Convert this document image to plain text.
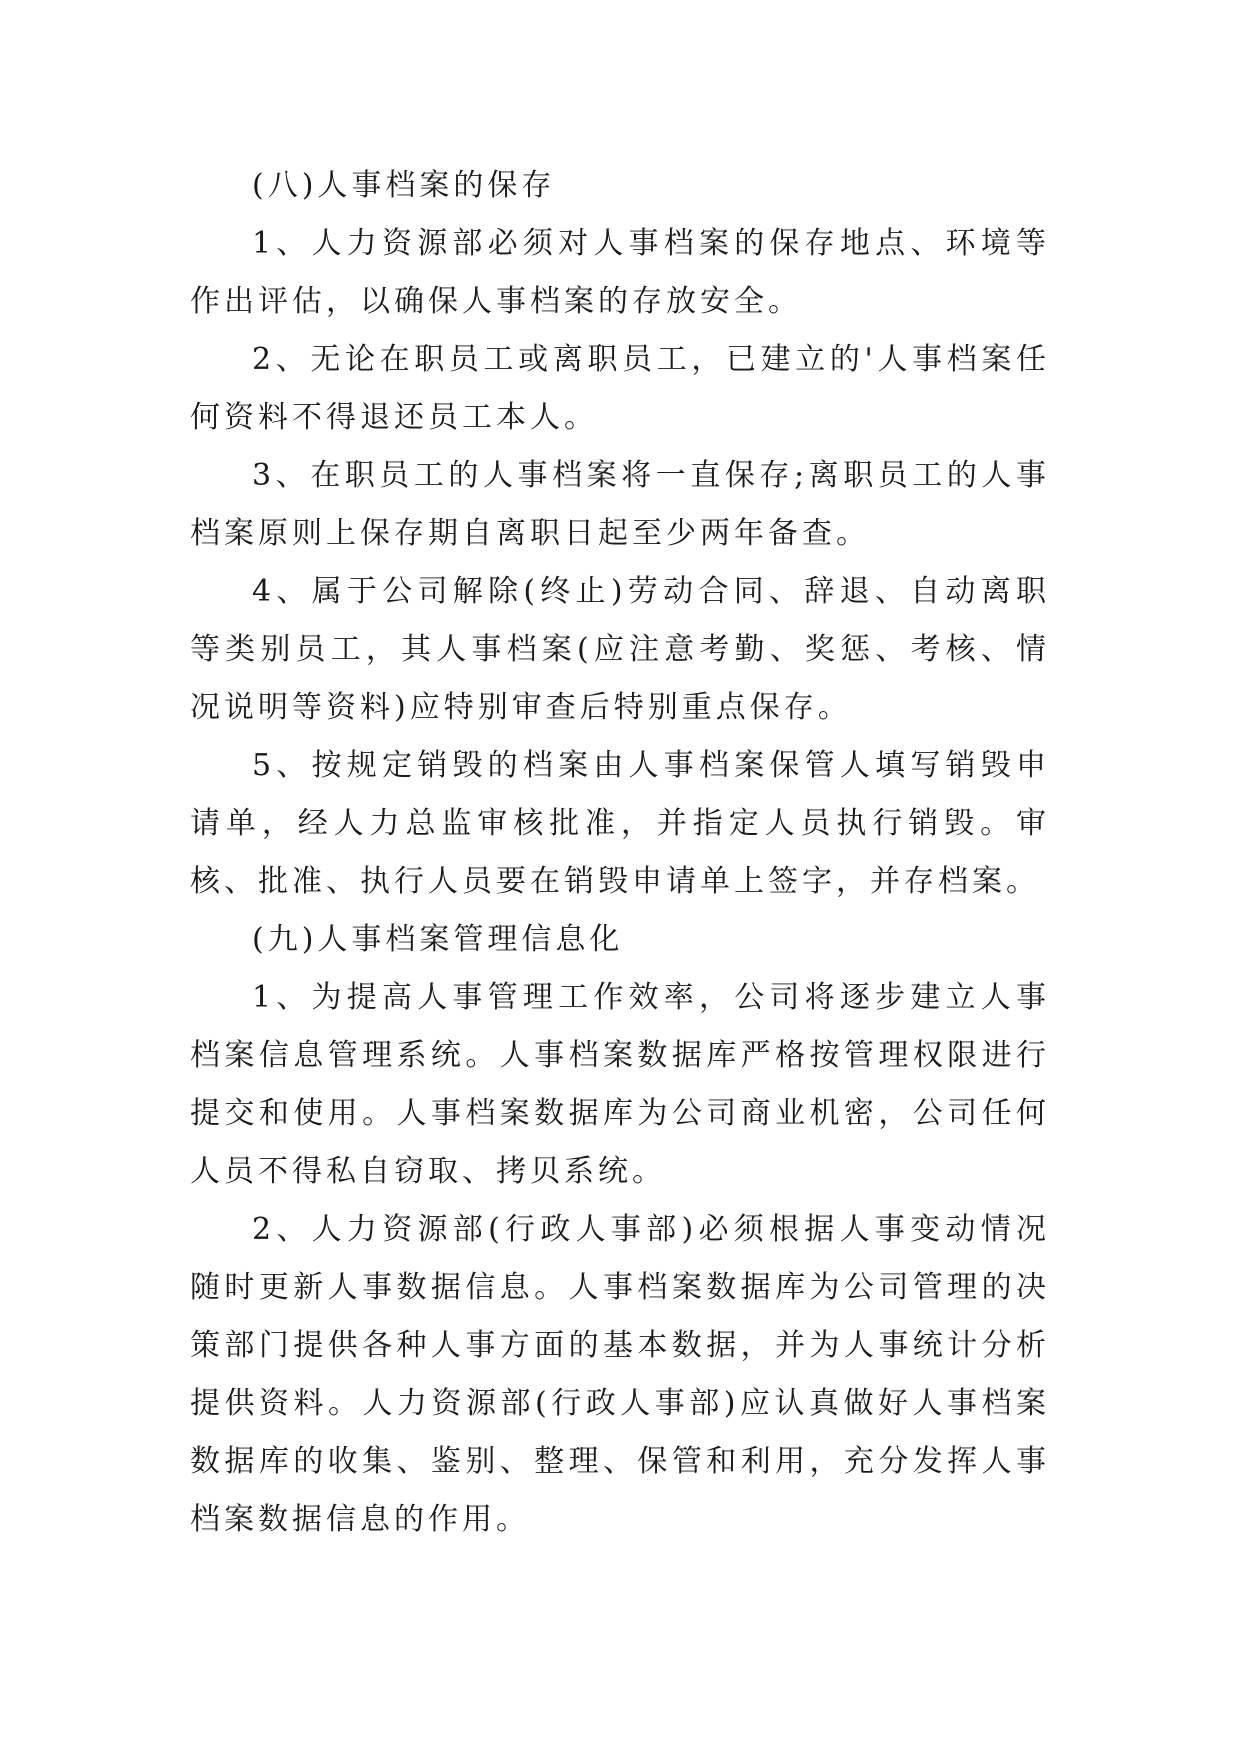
(八)人事档案的保存

1、人力资源部必须对人事档案的保存地点、环境等作出评估，以确保人事档案的存放安全。

2、无论在职员工或离职员工，已建立的'人事档案任何资料不得退还员工本人。

3、在职员工的人事档案将一直保存;离职员工的人事档案原则上保存期自离职日起至少两年备查。

4、属于公司解除(终止)劳动合同、辞退、自动离职等类别员工，其人事档案(应注意考勤、奖惩、考核、情况说明等资料)应特别审查后特别重点保存。

5、按规定销毁的档案由人事档案保管人填写销毁申请单，经人力总监审核批准，并指定人员执行销毁。审核、批准、执行人员要在销毁申请单上签字，并存档案。

(九)人事档案管理信息化

1、为提高人事管理工作效率，公司将逐步建立人事档案信息管理系统。人事档案数据库严格按管理权限进行提交和使用。人事档案数据库为公司商业机密，公司任何人员不得私自窃取、拷贝系统。

2、人力资源部(行政人事部)必须根据人事变动情况随时更新人事数据信息。人事档案数据库为公司管理的决策部门提供各种人事方面的基本数据，并为人事统计分析提供资料。人力资源部(行政人事部)应认真做好人事档案数据库的收集、鉴别、整理、保管和利用，充分发挥人事档案数据信息的作用。
